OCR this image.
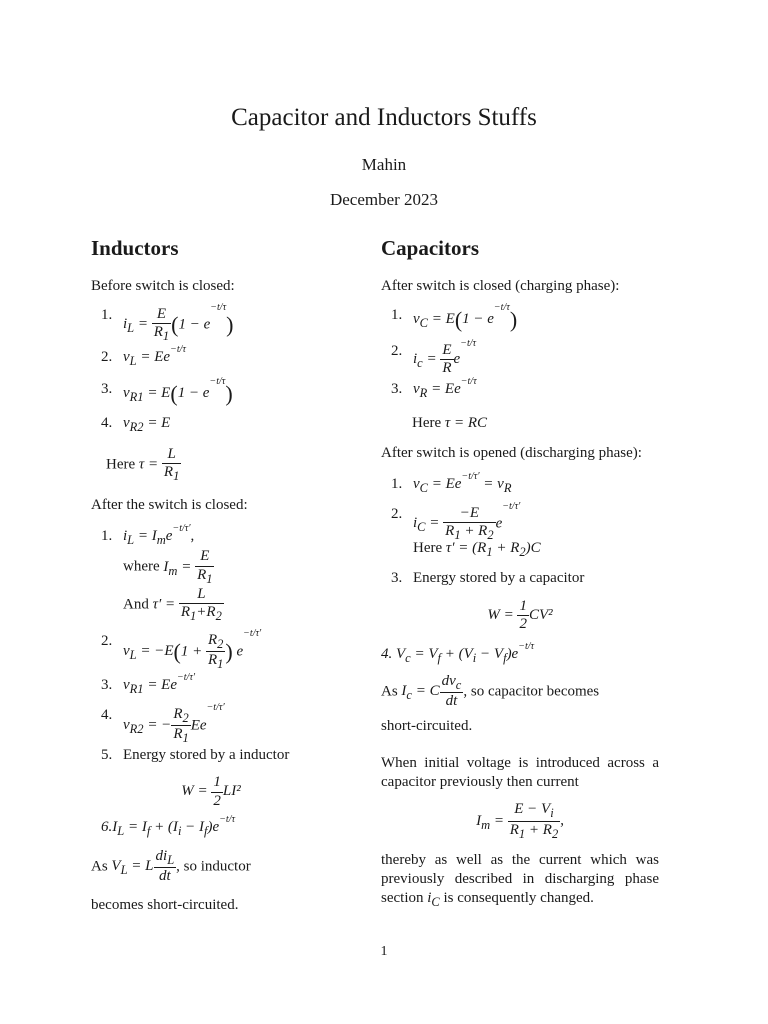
Capacitor and Inductors Stuffs
Mahin
December 2023
Inductors

Before switch is closed:

1.
$i_L = \frac{E}{R_1} (1 - e^{-t/\tau})$
2. $v_L = Ee^{-t/\tau}$
3. $v_{R1} = E(1 - e^{-t/\tau})$
4. $v_{R2} = E$
Here $\tau = \frac{L}{R_1}$

After the switch is closed:

1. $i_L = I_me^{-t/\tau'}$,
where $I_m = \frac{E}{R_1}$

And $\tau' = \frac{L}{R_1+R_2}$
2.
$v_L = -E(1 + \frac{R_2}{R_1}$ ) $e^{-t/\tau'}$
3. $v_{R1} = Ee^{-t/\tau'}$
4.
$v_{R2}$ = − $\frac{R_2}{R_1} Ee^{-t/\tau'}$
5. Energy stored by a inductor
$W = \frac{1}{2} LI^2$
$6.I_L = I_f + (I_i - I_f)e^{-t/\tau}$
As $V_L = L \frac{di_L}{dt}$ , so inductor

becomes short-circuited.

Capacitors

After switch is closed (charging phase):

1. $v_C = E(1 - e^{-t/\tau})$
2.
$i_c = \frac{E}{R} e^{-t/\tau}$
3. $v_R = Ee^{-t/\tau}$
Here τ = RC

After switch is opened (discharging phase):

1. $v_C = Ee^{-t/\tau'} = v_R$
2.
$i_C = \frac{-E}{R_1 + R_2} e^{-t/\tau'}$
Here $\tau' = (R_1 + R_2)C$
3. Energy stored by a capacitor
$W = \frac{1}{2} CV^2$
4. $V_c = V_f + (V_i - V_f)e^{-t/\tau}$
As $I_c = C \frac{dv_c}{dt}$ , so capacitor becomes

short-circuited.

When initial voltage is introduced across a capacitor previously then current

$I_m = \frac{E - V_i}{R_1 + R_2}$ ,

thereby as well as the current which was previously described in discharging phase section $i_C$ is consequently changed.

1
